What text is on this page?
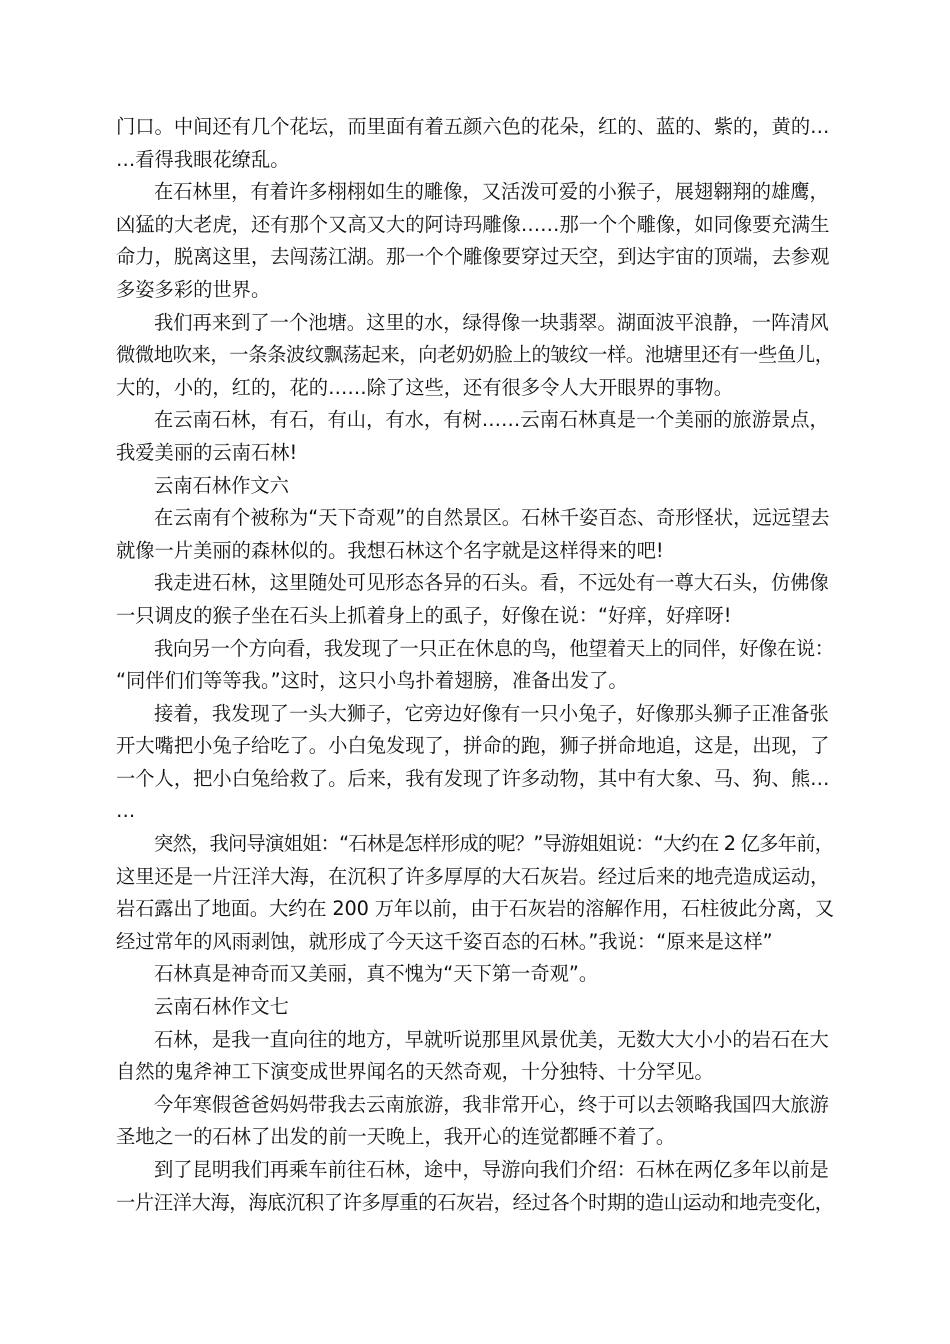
门口。中间还有几个花坛，而里面有着五颜六色的花朵，红的、蓝的、紫的，黄的…
…看得我眼花缭乱。
在石林里，有着许多栩栩如生的雕像，又活泼可爱的小猴子，展翅翱翔的雄鹰，
凶猛的大老虎，还有那个又高又大的阿诗玛雕像……那一个个雕像，如同像要充满生
命力，脱离这里，去闯荡江湖。那一个个雕像要穿过天空，到达宇宙的顶端，去参观
多姿多彩的世界。
我们再来到了一个池塘。这里的水，绿得像一块翡翠。湖面波平浪静，一阵清风
微微地吹来，一条条波纹飘荡起来，向老奶奶脸上的皱纹一样。池塘里还有一些鱼儿，
大的，小的，红的，花的……除了这些，还有很多令人大开眼界的事物。
在云南石林，有石，有山，有水，有树……云南石林真是一个美丽的旅游景点，
我爱美丽的云南石林!
云南石林作文六
在云南有个被称为“天下奇观”的自然景区。石林千姿百态、奇形怪状，远远望去
就像一片美丽的森林似的。我想石林这个名字就是这样得来的吧!
我走进石林，这里随处可见形态各异的石头。看，不远处有一尊大石头，仿佛像
一只调皮的猴子坐在石头上抓着身上的虱子，好像在说：“好痒，好痒呀!
我向另一个方向看，我发现了一只正在休息的鸟，他望着天上的同伴，好像在说：
“同伴们们等等我。”这时，这只小鸟扑着翅膀，准备出发了。
接着，我发现了一头大狮子，它旁边好像有一只小兔子，好像那头狮子正准备张
开大嘴把小兔子给吃了。小白兔发现了，拼命的跑，狮子拼命地追，这是，出现，了
一个人，把小白兔给救了。后来，我有发现了许多动物，其中有大象、马、狗、熊…
…
突然，我问导演姐姐：“石林是怎样形成的呢？”导游姐姐说：“大约在 2 亿多年前，
这里还是一片汪洋大海，在沉积了许多厚厚的大石灰岩。经过后来的地壳造成运动，
岩石露出了地面。大约在 200 万年以前，由于石灰岩的溶解作用，石柱彼此分离，又
经过常年的风雨剥蚀，就形成了今天这千姿百态的石林。”我说：“原来是这样”
石林真是神奇而又美丽，真不愧为“天下第一奇观”。
云南石林作文七
石林，是我一直向往的地方，早就听说那里风景优美，无数大大小小的岩石在大
自然的鬼斧神工下演变成世界闻名的天然奇观，十分独特、十分罕见。
今年寒假爸爸妈妈带我去云南旅游，我非常开心，终于可以去领略我国四大旅游
圣地之一的石林了出发的前一天晚上，我开心的连觉都睡不着了。
到了昆明我们再乘车前往石林，途中，导游向我们介绍：石林在两亿多年以前是
一片汪洋大海，海底沉积了许多厚重的石灰岩，经过各个时期的造山运动和地壳变化，
